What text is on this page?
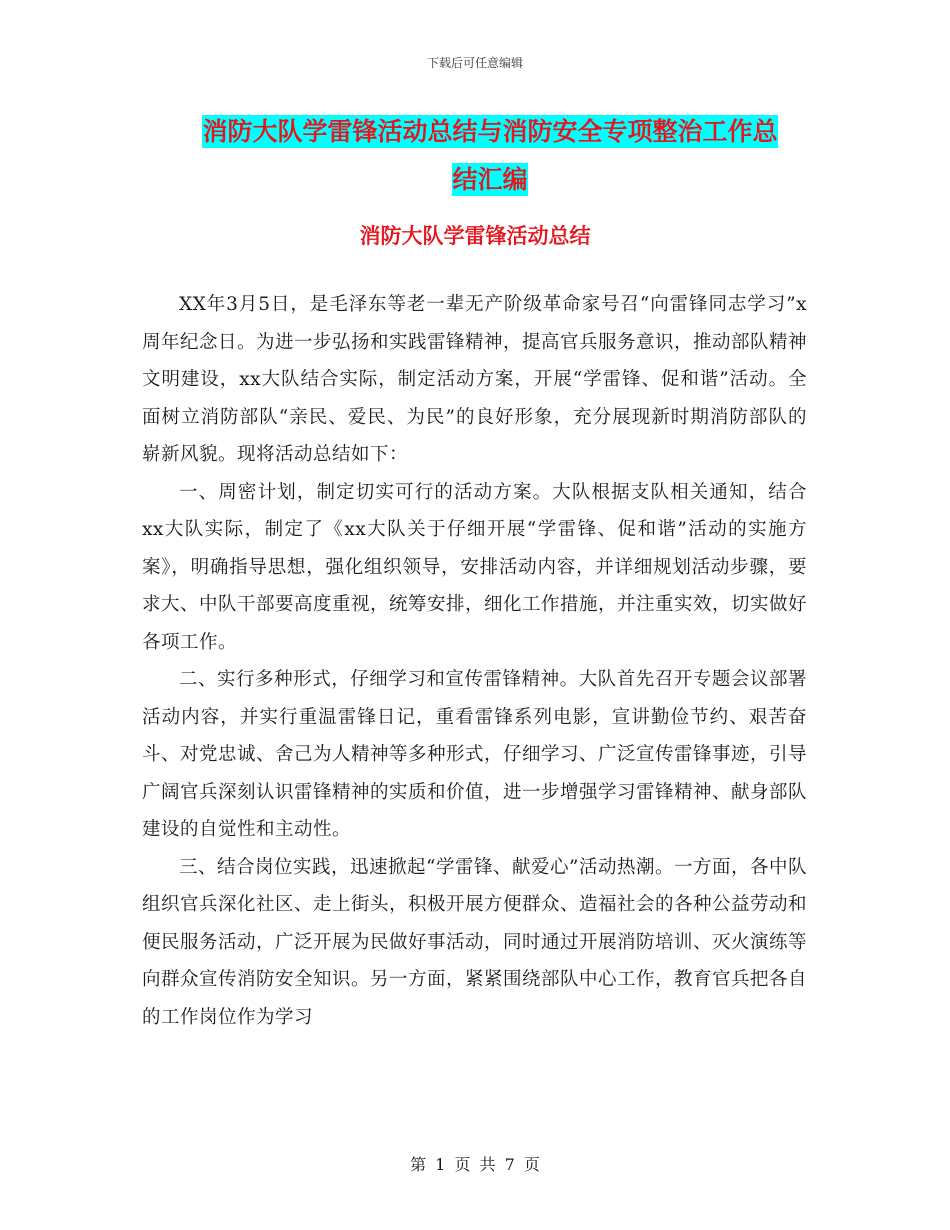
下载后可任意编辑
消防大队学雷锋活动总结与消防安全专项整治工作总
结汇编
消防大队学雷锋活动总结

XX年3月5日，是毛泽东等老一辈无产阶级革命家号召“向雷锋同志学习”x周年纪念日。为进一步弘扬和实践雷锋精神，提高官兵服务意识，推动部队精神文明建设，xx大队结合实际，制定活动方案，开展“学雷锋、促和谐”活动。全面树立消防部队“亲民、爱民、为民”的良好形象，充分展现新时期消防部队的崭新风貌。现将活动总结如下：

一、周密计划，制定切实可行的活动方案。大队根据支队相关通知，结合xx大队实际，制定了《xx大队关于仔细开展“学雷锋、促和谐”活动的实施方案》，明确指导思想，强化组织领导，安排活动内容，并详细规划活动步骤，要求大、中队干部要高度重视，统筹安排，细化工作措施，并注重实效，切实做好各项工作。

二、实行多种形式，仔细学习和宣传雷锋精神。大队首先召开专题会议部署活动内容，并实行重温雷锋日记，重看雷锋系列电影，宣讲勤俭节约、艰苦奋斗、对党忠诚、舍己为人精神等多种形式，仔细学习、广泛宣传雷锋事迹，引导广阔官兵深刻认识雷锋精神的实质和价值，进一步增强学习雷锋精神、献身部队建设的自觉性和主动性。

三、结合岗位实践，迅速掀起“学雷锋、献爱心”活动热潮。一方面，各中队组织官兵深化社区、走上街头，积极开展方便群众、造福社会的各种公益劳动和便民服务活动，广泛开展为民做好事活动，同时通过开展消防培训、灭火演练等向群众宣传消防安全知识。另一方面，紧紧围绕部队中心工作，教育官兵把各自的工作岗位作为学习

第 1 页 共 7 页
